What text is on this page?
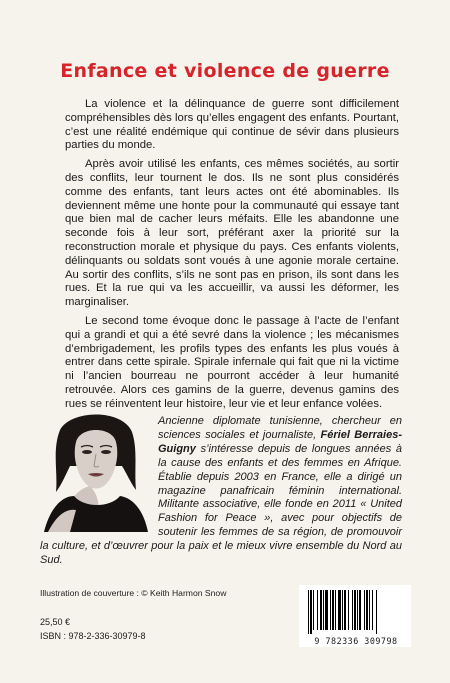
Enfance et violence de guerre

La violence et la délinquance de guerre sont difficilement compréhensibles dès lors qu’elles engagent des enfants. Pourtant, c’est une réalité endémique qui continue de sévir dans plusieurs parties du monde.

Après avoir utilisé les enfants, ces mêmes sociétés, au sortir des conflits, leur tournent le dos. Ils ne sont plus considérés comme des enfants, tant leurs actes ont été abominables. Ils deviennent même une honte pour la communauté qui essaye tant que bien mal de cacher leurs méfaits. Elle les abandonne une seconde fois à leur sort, préférant axer la priorité sur la reconstruction morale et physique du pays. Ces enfants violents, délinquants ou soldats sont voués à une agonie morale certaine. Au sortir des conflits, s’ils ne sont pas en prison, ils sont dans les rues. Et la rue qui va les accueillir, va aussi les déformer, les marginaliser.

Le second tome évoque donc le passage à l’acte de l’enfant qui a grandi et qui a été sevré dans la violence ; les mécanismes d’embrigadement, les profils types des enfants les plus voués à entrer dans cette spirale. Spirale infernale qui fait que ni la victime ni l’ancien bourreau ne pourront accéder à leur humanité retrouvée. Alors ces gamins de la guerre, devenus gamins des rues se réinventent leur histoire, leur vie et leur enfance volées.

Ancienne diplomate tunisienne, chercheur en sciences sociales et journaliste, Fériel Berraies-Guigny s’intéresse depuis de longues années à la cause des enfants et des femmes en Afrique. Établie depuis 2003 en France, elle a dirigé un magazine panafricain féminin international. Militante associative, elle fonde en 2011 « United Fashion for Peace », avec pour objectifs de soutenir les femmes de sa région, de promouvoir la culture, et d’œuvrer pour la paix et le mieux vivre ensemble du Nord au Sud.
Illustration de couverture : © Keith Harmon Snow
25,50 €
ISBN : 978-2-336-30979-8	9 782336 309798
